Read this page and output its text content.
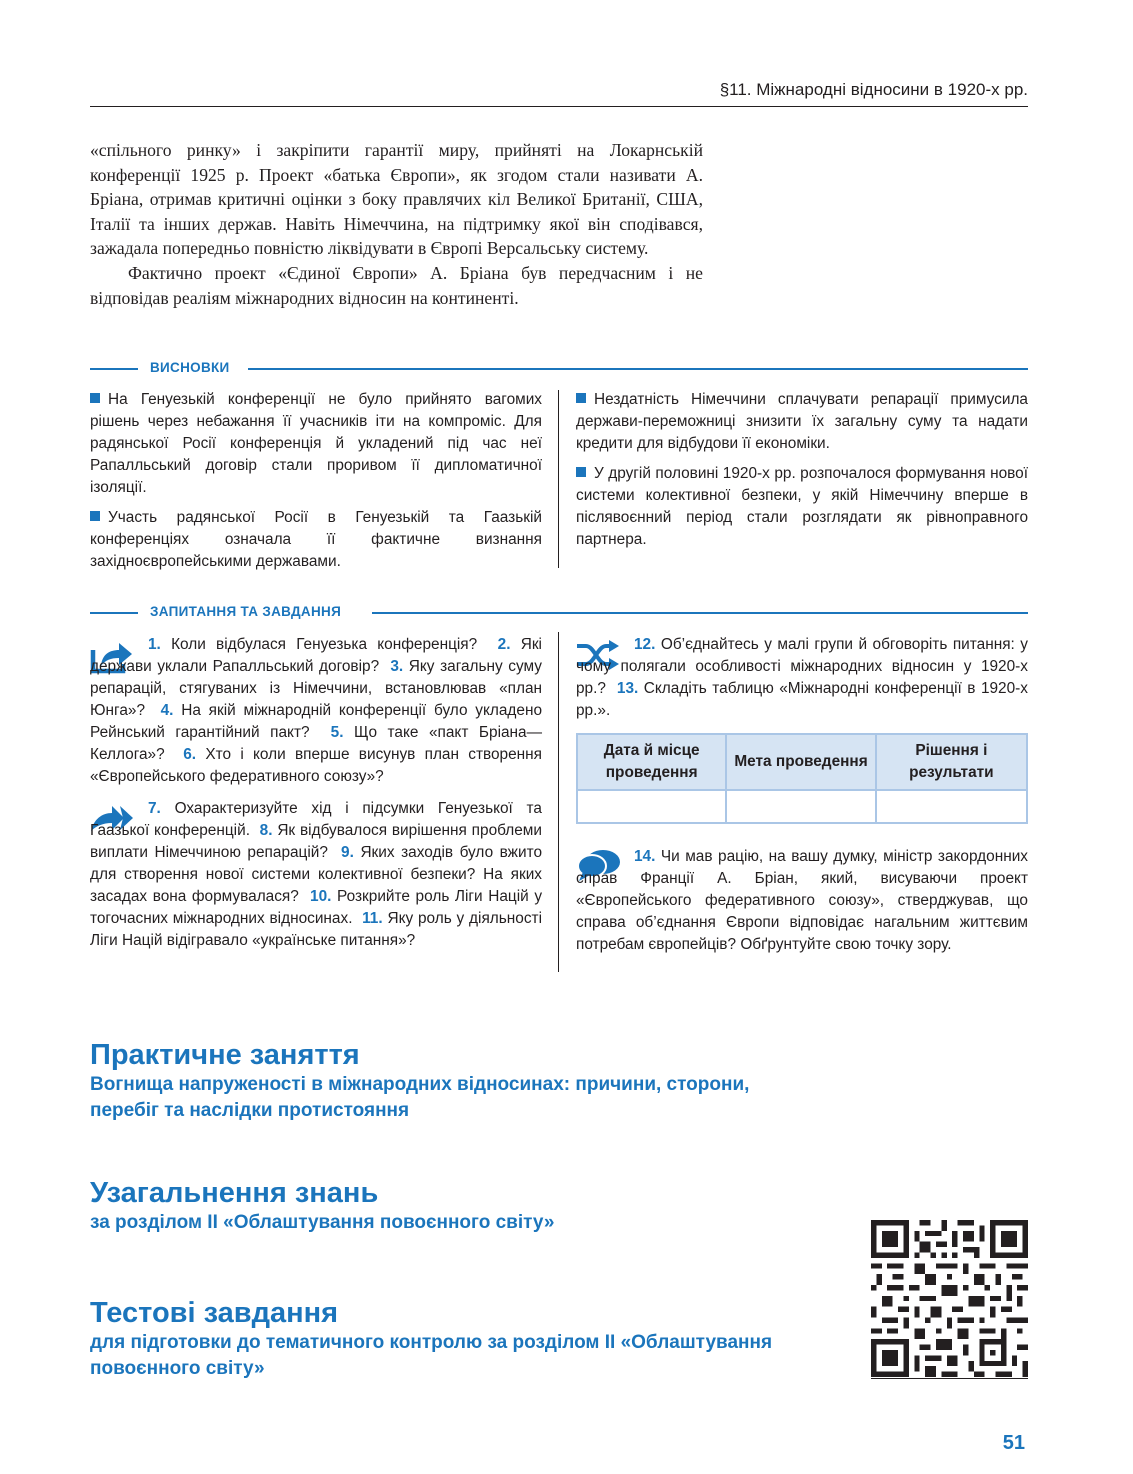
§11. Міжнародні відносини в 1920-х рр.

«спільного ринку» і закріпити гарантії миру, прийняті на Локарнській конференції 1925 р. Проект «батька Європи», як згодом стали називати А. Бріана, отримав критичні оцінки з боку правлячих кіл Великої Британії, США, Італії та інших держав. Навіть Німеччина, на підтримку якої він сподівався, зажадала попередньо повністю ліквідувати в Європі Версальську систему.

Фактично проект «Єдиної Європи» А. Бріана був передчасним і не відповідав реаліям міжнародних відносин на континенті.

ВИСНОВКИ

На Генуезькій конференції не було прийнято вагомих рішень через небажання її учасників іти на компроміс. Для радянської Росії конференція й укладений під час неї Рапалльський договір стали проривом її дипломатичної ізоляції.

Участь радянської Росії в Генуезькій та Гаазькій конференціях означала її фактичне визнання західноєвропейськими державами.

Нездатність Німеччини сплачувати репарації примусила держави-переможниці знизити їх загальну суму та надати кредити для відбудови її економіки.

У другій половині 1920-х рр. розпочалося формування нової системи колективної безпеки, у якій Німеччину вперше в післявоєнний період стали розглядати як рівноправного партнера.

ЗАПИТАННЯ ТА ЗАВДАННЯ
1. Коли відбулася Генуезька конференція? 2. Які держави уклали Рапалльський договір? 3. Яку загальну суму репарацій, стягуваних із Німеччини, встановлював «план Юнга»? 4. На якій міжнародній конференції було укладено Рейнський гарантійний пакт? 5. Що таке «пакт Бріана—Келлога»? 6. Хто і коли вперше висунув план створення «Європейського федеративного союзу»?
7. Охарактеризуйте хід і підсумки Генуезької та Гаазької конференцій. 8. Як відбувалося вирішення проблеми виплати Німеччиною репарацій? 9. Яких заходів було вжито для створення нової системи колективної безпеки? На яких засадах вона формувалася? 10. Розкрийте роль Ліги Націй у тогочасних міжнародних відносинах. 11. Яку роль у діяльності Ліги Націй відігравало «українське питання»?
12. Об’єднайтесь у малі групи й обговоріть питання: у чому полягали особливості міжнародних відносин у 1920-х рр.? 13. Складіть таблицю «Міжнародні конференції в 1920-х рр.».
Дата й місце проведення	Мета проведення	Рішення і результати

14. Чи мав рацію, на вашу думку, міністр закордонних справ Франції А. Бріан, який, висуваючи проект «Європейського федеративного союзу», стверджував, що справа об’єднання Європи відповідає нагальним життєвим потребам європейців? Обґрунтуйте свою точку зору.
Практичне заняття
Вогнища напруженості в міжнародних відносинах: причини, сторони, перебіг та наслідки протистояння
Узагальнення знань
за розділом ІІ «Облаштування повоєнного світу»
Тестові завдання
для підготовки до тематичного контролю за розділом ІІ «Облаштування повоєнного світу»
51
